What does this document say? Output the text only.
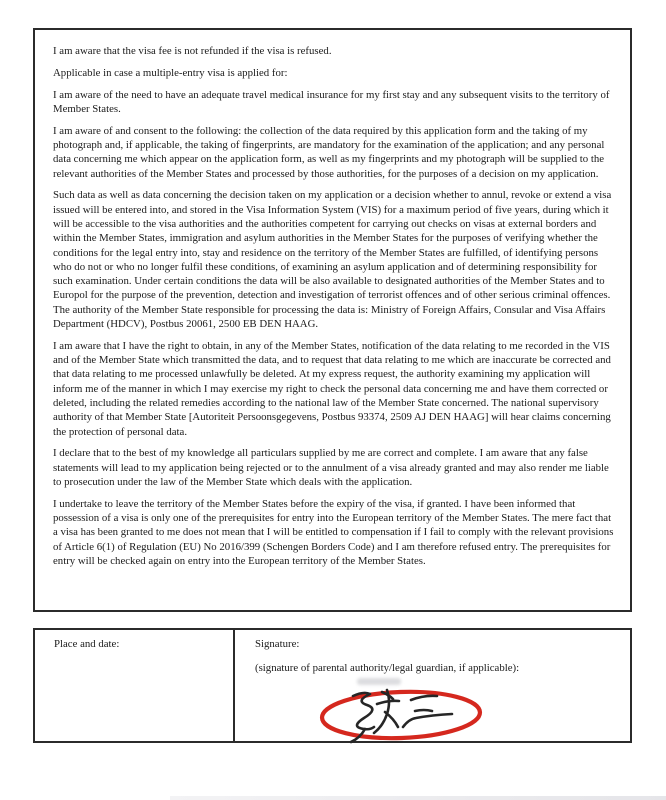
I am aware that the visa fee is not refunded if the visa is refused.

Applicable in case a multiple-entry visa is applied for:

I am aware of the need to have an adequate travel medical insurance for my first stay and any subsequent visits to the territory of Member States.

I am aware of and consent to the following: the collection of the data required by this application form and the taking of my photograph and, if applicable, the taking of fingerprints, are mandatory for the examination of the application; and any personal data concerning me which appear on the application form, as well as my fingerprints and my photograph will be supplied to the relevant authorities of the Member States and processed by those authorities, for the purposes of a decision on my application.

Such data as well as data concerning the decision taken on my application or a decision whether to annul, revoke or extend a visa issued will be entered into, and stored in the Visa Information System (VIS) for a maximum period of five years, during which it will be accessible to the visa authorities and the authorities competent for carrying out checks on visas at external borders and within the Member States, immigration and asylum authorities in the Member States for the purposes of verifying whether the conditions for the legal entry into, stay and residence on the territory of the Member States are fulfilled, of identifying persons who do not or who no longer fulfil these conditions, of examining an asylum application and of determining responsibility for such examination. Under certain conditions the data will be also available to designated authorities of the Member States and to Europol for the purpose of the prevention, detection and investigation of terrorist offences and of other serious criminal offences. The authority of the Member State responsible for processing the data is: Ministry of Foreign Affairs, Consular and Visa Affairs Department (HDCV), Postbus 20061, 2500 EB DEN HAAG.

I am aware that I have the right to obtain, in any of the Member States, notification of the data relating to me recorded in the VIS and of the Member State which transmitted the data, and to request that data relating to me which are inaccurate be corrected and that data relating to me processed unlawfully be deleted. At my express request, the authority examining my application will inform me of the manner in which I may exercise my right to check the personal data concerning me and have them corrected or deleted, including the related remedies according to the national law of the Member State concerned. The national supervisory authority of that Member State [Autoriteit Persoonsgegevens, Postbus 93374, 2509 AJ DEN HAAG] will hear claims concerning the protection of personal data.

I declare that to the best of my knowledge all particulars supplied by me are correct and complete. I am aware that any false statements will lead to my application being rejected or to the annulment of a visa already granted and may also render me liable to prosecution under the law of the Member State which deals with the application.

I undertake to leave the territory of the Member States before the expiry of the visa, if granted. I have been informed that possession of a visa is only one of the prerequisites for entry into the European territory of the Member States. The mere fact that a visa has been granted to me does not mean that I will be entitled to compensation if I fail to comply with the relevant provisions of Article 6(1) of Regulation (EU) No 2016/399 (Schengen Borders Code) and I am therefore refused entry. The prerequisites for entry will be checked again on entry into the European territory of the Member States.

Place and date:	Signature:
(signature of parental authority/legal guardian, if applicable):
